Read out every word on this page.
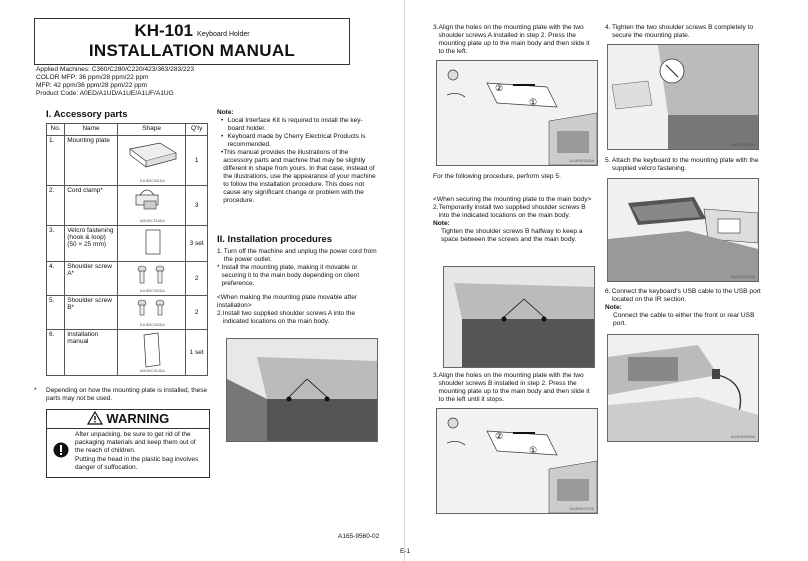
KH-101 Keyboard Holder
INSTALLATION MANUAL
Applied Machines: C360/C280/C220/423/363/283/223
COLOR MFP: 36 ppm/28 ppm/22 ppm
MFP: 42 ppm/36 ppm/28 ppm/22 ppm
Product Code: A0ED/A1UD/A1UE/A1UF/A1UG
I. Accessory parts
No.	Name	Shape	Q'ty
1.	Mounting plate	A1UEIIC001DA	1
2.	Cord clamp*	A0EDIIC016DA	3
3.	Velcro fastening (hook & loop) (50 × 25 mm)		3 set
4.	Shoulder screw A*	A1UEIIC002DA	2
5.	Shoulder screw B*	A1UEIIC003DA	2
6.	Installation manual	A0EDIIC014DA	1 set
* Depending on how the mounting plate is installed, these parts may not be used.
WARNING
After unpacking, be sure to get rid of the packaging materials and keep them out of the reach of children.
Putting the head in the plastic bag involves danger of suffocation.
Note:
• Local Interface Kit is required to install the key-board holder.
• Keyboard made by Cherry Electrical Products is recommended.
• This manual provides the illustrations of the accessory parts and machine that may be slightly different in shape from yours. In that case, instead of the illustrations, use the appearance of your machine to follow the installation procedure. This does not cause any significant change or problem with the procedure.
II. Installation procedures
1. Turn off the machine and unplug the power cord from the power outlet.
* Install the mounting plate, making it movable or securing it to the main body depending on client preference.
<When making the mounting plate movable after installation>
2. Install two supplied shoulder screws A into the indicated locations on the main body.
A0EDIIC015DA
A165-9560-02
E-1
3. Align the holes on the mounting plate with the two shoulder screws A installed in step 2. Press the mounting plate up to the main body and then slide it to the left.
②
①
A1UEIIC004DA
For the following procedure, perform step 5.
<When securing the mounting plate to the main body>
2. Temporarily install two supplied shoulder screws B into the indicated locations on the main body.
Note:
Tighten the shoulder screws B halfway to keep a space between the screws and the main body.
A0EDIIC016DA
3. Align the holes on the mounting plate with the two shoulder screws B installed in step 2. Press the mounting plate up to the main body and then slide it to the left until it stops.
②
①
A1UEIIC017DA
4. Tighten the two shoulder screws B completely to secure the mounting plate.
A0EDIIC018DA
5. Attach the keyboard to the mounting plate with the supplied velcro fastening.
A1UEIIC019DA
6. Connect the keyboard's USB cable to the USB port located on the IR section.
Note:
Connect the cable to either the front or rear USB port.
A1UEIIC020DA
